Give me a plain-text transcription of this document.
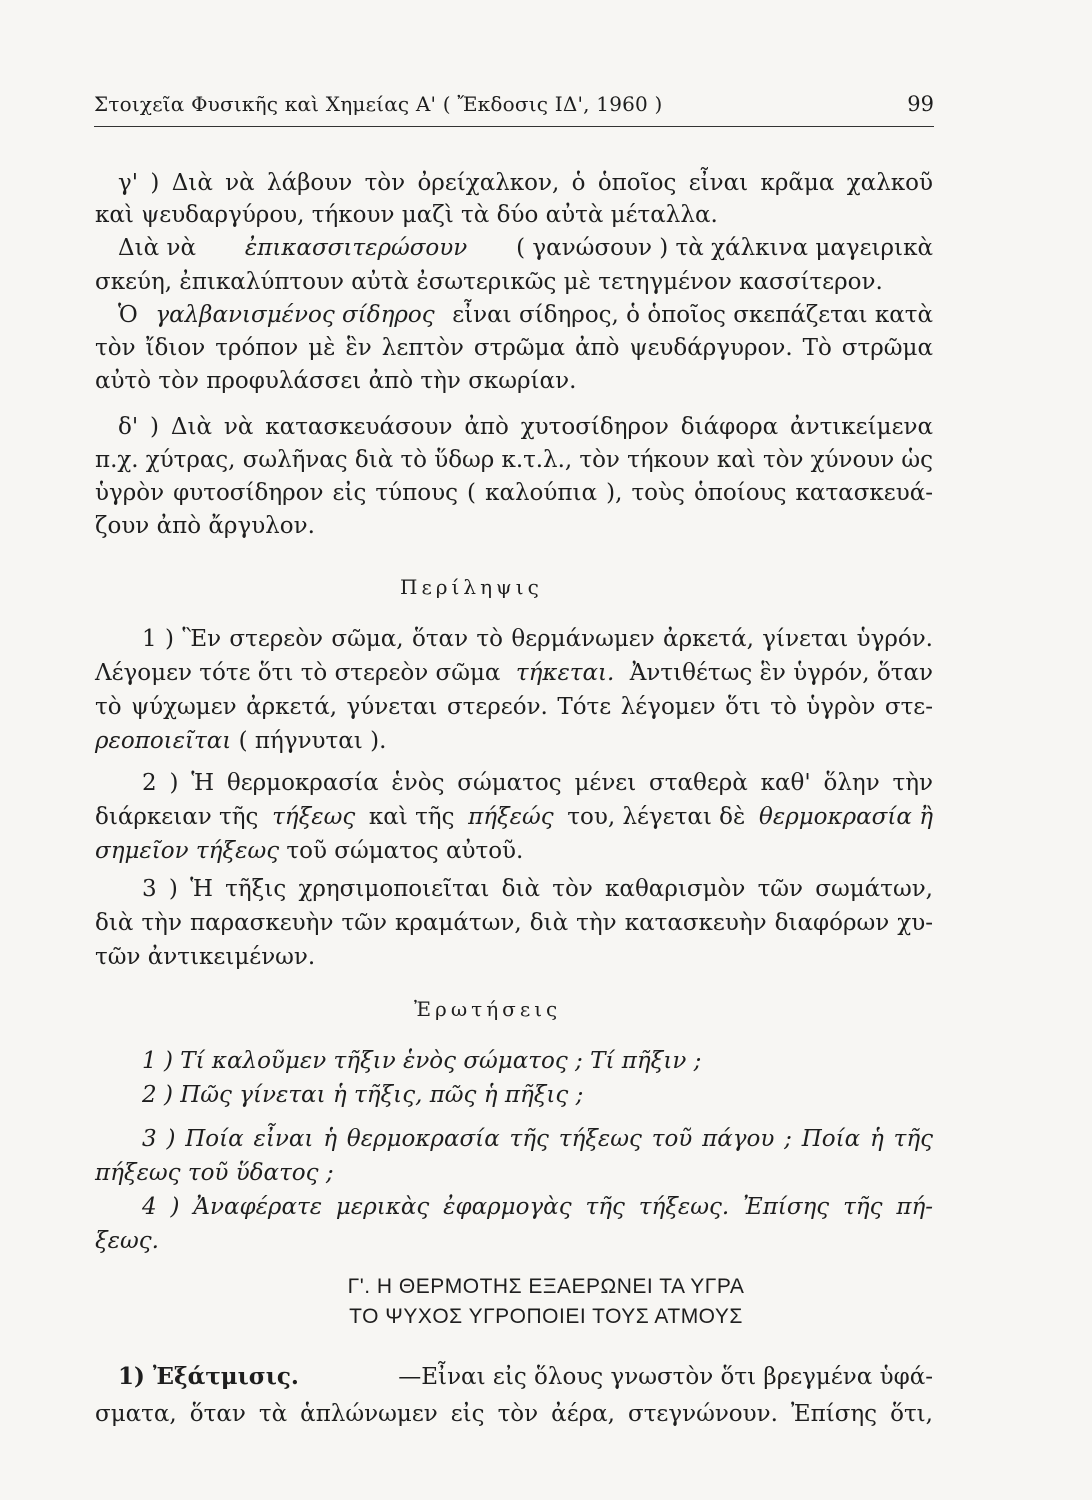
Στοιχεῖα Φυσικῆς καὶ Χημείας Α' ( Ἔκδοσις ΙΔ', 1960 )	99
γ' ) Διὰ νὰ λάβουν τὸν ὀρείχαλκον, ὁ ὁποῖος εἶναι κρᾶμα χαλκοῦ
καὶ ψευδαργύρου, τήκουν μαζὶ τὰ δύο αὐτὰ μέταλλα.
Διὰ νὰ ἐπικασσιτερώσουν ( γανώσουν ) τὰ χάλκινα μαγειρικὰ
σκεύη, ἐπικαλύπτουν αὐτὰ ἐσωτερικῶς μὲ τετηγμένον κασσίτερον.
Ὁ γαλβανισμένος σίδηρος εἶναι σίδηρος, ὁ ὁποῖος σκεπάζεται κατὰ
τὸν ἴδιον τρόπον μὲ ἓν λεπτὸν στρῶμα ἀπὸ ψευδάργυρον. Τὸ στρῶμα
αὐτὸ τὸν προφυλάσσει ἀπὸ τὴν σκωρίαν.
δ' ) Διὰ νὰ κατασκευάσουν ἀπὸ χυτοσίδηρον διάφορα ἀντικείμενα
π.χ. χύτρας, σωλῆνας διὰ τὸ ὕδωρ κ.τ.λ., τὸν τήκουν καὶ τὸν χύνουν ὡς
ὑγρὸν φυτοσίδηρον εἰς τύπους ( καλούπια ), τοὺς ὁποίους κατασκευά-
ζουν ἀπὸ ἄργυλον.
Περίληψις
1 ) Ἓν στερεὸν σῶμα, ὅταν τὸ θερμάνωμεν ἀρκετά, γίνεται ὑγρόν.
Λέγομεν τότε ὅτι τὸ στερεὸν σῶμα τήκεται. Ἀντιθέτως ἓν ὑγρόν, ὅταν
τὸ ψύχωμεν ἀρκετά, γύνεται στερεόν. Τότε λέγομεν ὅτι τὸ ὑγρὸν στε-
ρεοποιεῖται ( πήγνυται ).
2 ) Ἡ θερμοκρασία ἑνὸς σώματος μένει σταθερὰ καθ' ὅλην τὴν
διάρκειαν τῆς τήξεως καὶ τῆς πήξεώς του, λέγεται δὲ θερμοκρασία ἢ
σημεῖον τήξεως τοῦ σώματος αὐτοῦ.
3 ) Ἡ τῆξις χρησιμοποιεῖται διὰ τὸν καθαρισμὸν τῶν σωμάτων,
διὰ τὴν παρασκευὴν τῶν κραμάτων, διὰ τὴν κατασκευὴν διαφόρων χυ-
τῶν ἀντικειμένων.
Ἐρωτήσεις
1 ) Τί καλοῦμεν τῆξιν ἑνὸς σώματος ; Τί πῆξιν ;
2 ) Πῶς γίνεται ἡ τῆξις, πῶς ἡ πῆξις ;
3 ) Ποία εἶναι ἡ θερμοκρασία τῆς τήξεως τοῦ πάγου ; Ποία ἡ τῆς
πήξεως τοῦ ὕδατος ;
4 ) Ἀναφέρατε μερικὰς ἐφαρμογὰς τῆς τήξεως. Ἐπίσης τῆς πή-
ξεως.
Γ'. Η ΘΕΡΜΟΤΗΣ ΕΞΑΕΡΩΝΕΙ ΤΑ ΥΓΡΑ
ΤΟ ΨΥΧΟΣ ΥΓΡΟΠΟΙΕΙ ΤΟΥΣ ΑΤΜΟΥΣ
1) Ἐξάτμισις.	—Εἶναι εἰς ὅλους γνωστὸν ὅτι βρεγμένα ὑφά-
σματα, ὅταν τὰ ἁπλώνωμεν εἰς τὸν ἀέρα, στεγνώνουν. Ἐπίσης ὅτι,
